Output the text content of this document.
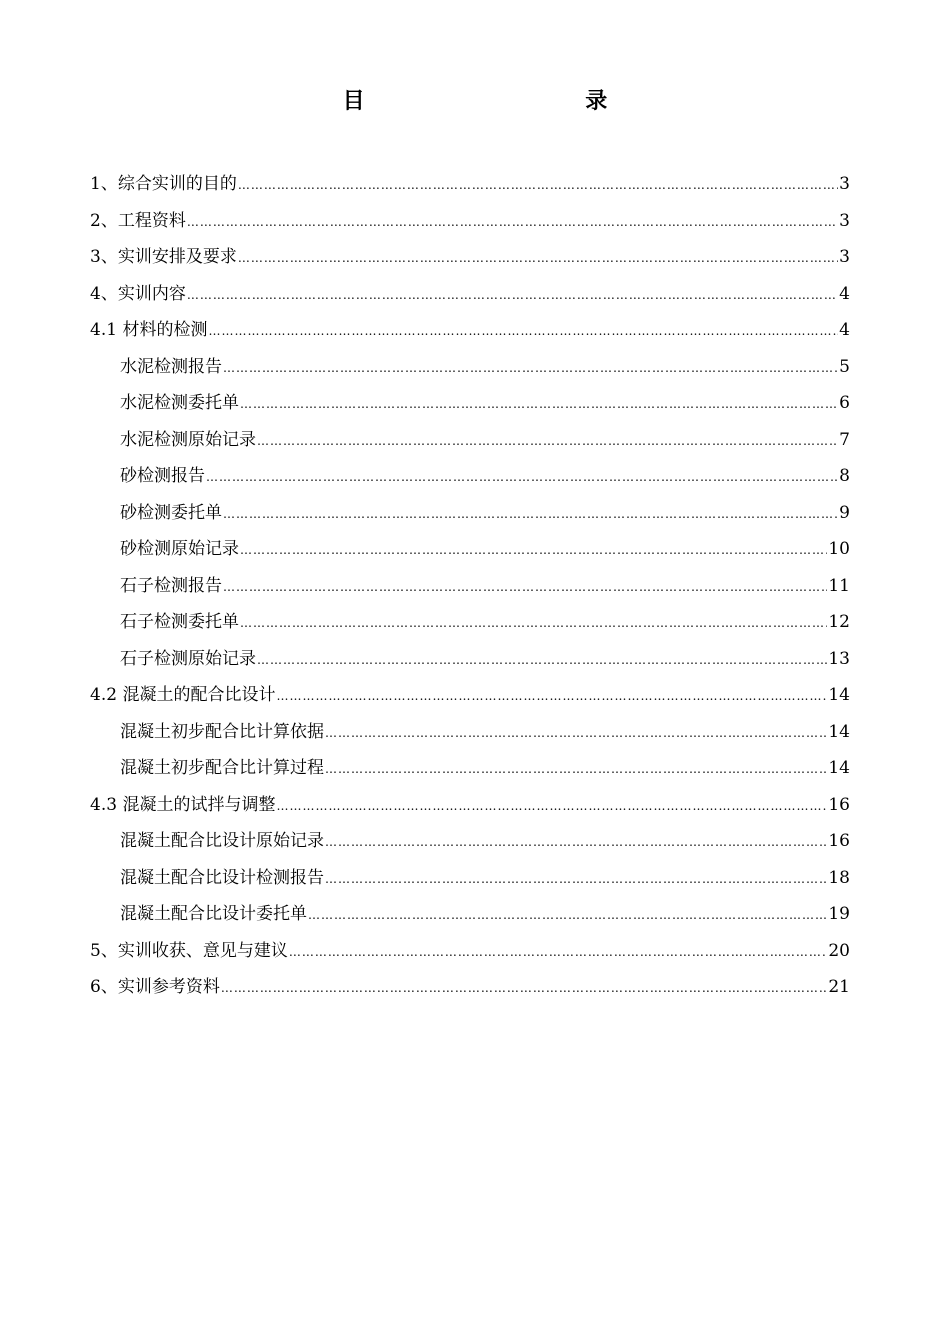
目    录
1、综合实训的目的 …………………………………………………………………………………………………………………………………………………………………………………………………………………………………………	3
2、工程资料 …………………………………………………………………………………………………………………………………………………………………………………………………………………………………………	3
3、实训安排及要求 …………………………………………………………………………………………………………………………………………………………………………………………………………………………………………	3
4、实训内容 …………………………………………………………………………………………………………………………………………………………………………………………………………………………………………	4
4.1 材料的检测 …………………………………………………………………………………………………………………………………………………………………………………………………………………………………………	4
水泥检测报告 …………………………………………………………………………………………………………………………………………………………………………………………………………………………………………	5
水泥检测委托单 …………………………………………………………………………………………………………………………………………………………………………………………………………………………………………	6
水泥检测原始记录 …………………………………………………………………………………………………………………………………………………………………………………………………………………………………………	7
砂检测报告 …………………………………………………………………………………………………………………………………………………………………………………………………………………………………………	8
砂检测委托单 …………………………………………………………………………………………………………………………………………………………………………………………………………………………………………	9
砂检测原始记录 …………………………………………………………………………………………………………………………………………………………………………………………………………………………………………	10
石子检测报告 …………………………………………………………………………………………………………………………………………………………………………………………………………………………………………	11
石子检测委托单 …………………………………………………………………………………………………………………………………………………………………………………………………………………………………………	12
石子检测原始记录 …………………………………………………………………………………………………………………………………………………………………………………………………………………………………………	13
4.2 混凝土的配合比设计 …………………………………………………………………………………………………………………………………………………………………………………………………………………………………………	14
混凝土初步配合比计算依据 …………………………………………………………………………………………………………………………………………………………………………………………………………………………………………	14
混凝土初步配合比计算过程 …………………………………………………………………………………………………………………………………………………………………………………………………………………………………………	14
4.3 混凝土的试拌与调整 …………………………………………………………………………………………………………………………………………………………………………………………………………………………………………	16
混凝土配合比设计原始记录 …………………………………………………………………………………………………………………………………………………………………………………………………………………………………………	16
混凝土配合比设计检测报告 …………………………………………………………………………………………………………………………………………………………………………………………………………………………………………	18
混凝土配合比设计委托单 …………………………………………………………………………………………………………………………………………………………………………………………………………………………………………	19
5、实训收获、意见与建议 …………………………………………………………………………………………………………………………………………………………………………………………………………………………………………	20
6、实训参考资料 …………………………………………………………………………………………………………………………………………………………………………………………………………………………………………	21
